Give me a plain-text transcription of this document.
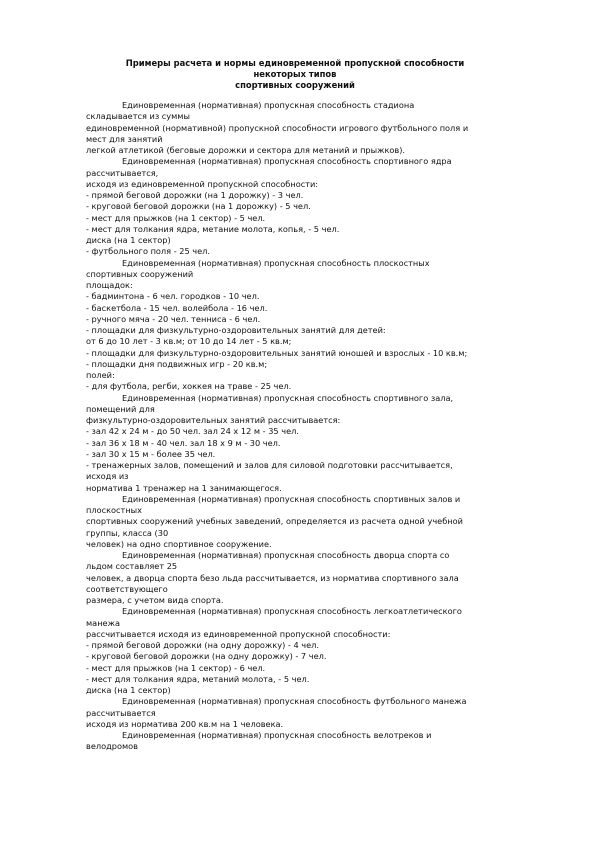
Примеры расчета и нормы единовременной пропускной способности
некоторых типов
спортивных сооружений
Единовременная (нормативная) пропускная способность стадиона
складывается из суммы
единовременной (нормативной) пропускной способности игрового футбольного поля и
мест для занятий
легкой атлетикой (беговые дорожки и сектора для метаний и прыжков).
Единовременная (нормативная) пропускная способность спортивного ядра
рассчитывается,
исходя из единовременной пропускной способности:
- прямой беговой дорожки (на 1 дорожку) - 3 чел.
- круговой беговой дорожки (на 1 дорожку) - 5 чел.
- мест для прыжков (на 1 сектор) - 5 чел.
- мест для толкания ядра, метание молота, копья, - 5 чел.
диска (на 1 сектор)
- футбольного поля - 25 чел.
Единовременная (нормативная) пропускная способность плоскостных
спортивных сооружений
площадок:
- бадминтона - 6 чел. городков - 10 чел.
- баскетбола - 15 чел. волейбола - 16 чел.
- ручного мяча - 20 чел. тенниса - 6 чел.
- площадки для физкультурно-оздоровительных занятий для детей:
от 6 до 10 лет - 3 кв.м; от 10 до 14 лет - 5 кв.м;
- площадки для физкультурно-оздоровительных занятий юношей и взрослых - 10 кв.м;
- площадки дня подвижных игр - 20 кв.м;
полей:
- для футбола, регби, хоккея на траве - 25 чел.
Единовременная (нормативная) пропускная способность спортивного зала,
помещений для
физкультурно-оздоровительных занятий рассчитывается:
- зал 42 х 24 м - до 50 чел. зал 24 х 12 м - 35 чел.
- зал 36 х 18 м - 40 чел. зал 18 х 9 м - 30 чел.
- зал 30 х 15 м - более 35 чел.
- тренажерных залов, помещений и залов для силовой подготовки рассчитывается,
исходя из
норматива 1 тренажер на 1 занимающегося.
Единовременная (нормативная) пропускная способность спортивных залов и
плоскостных
спортивных сооружений учебных заведений, определяется из расчета одной учебной
группы, класса (30
человек) на одно спортивное сооружение.
Единовременная (нормативная) пропускная способность дворца спорта со
льдом составляет 25
человек, а дворца спорта безо льда рассчитывается, из норматива спортивного зала
соответствующего
размера, с учетом вида спорта.
Единовременная (нормативная) пропускная способность легкоатлетического
манежа
рассчитывается исходя из единовременной пропускной способности:
- прямой беговой дорожки (на одну дорожку) - 4 чел.
- круговой беговой дорожки (на одну дорожку) - 7 чел.
- мест для прыжков (на 1 сектор) - 6 чел.
- мест для толкания ядра, метаний молота, - 5 чел.
диска (на 1 сектор)
Единовременная (нормативная) пропускная способность футбольного манежа
рассчитывается
исходя из норматива 200 кв.м на 1 человека.
Единовременная (нормативная) пропускная способность велотреков и
велодромов
